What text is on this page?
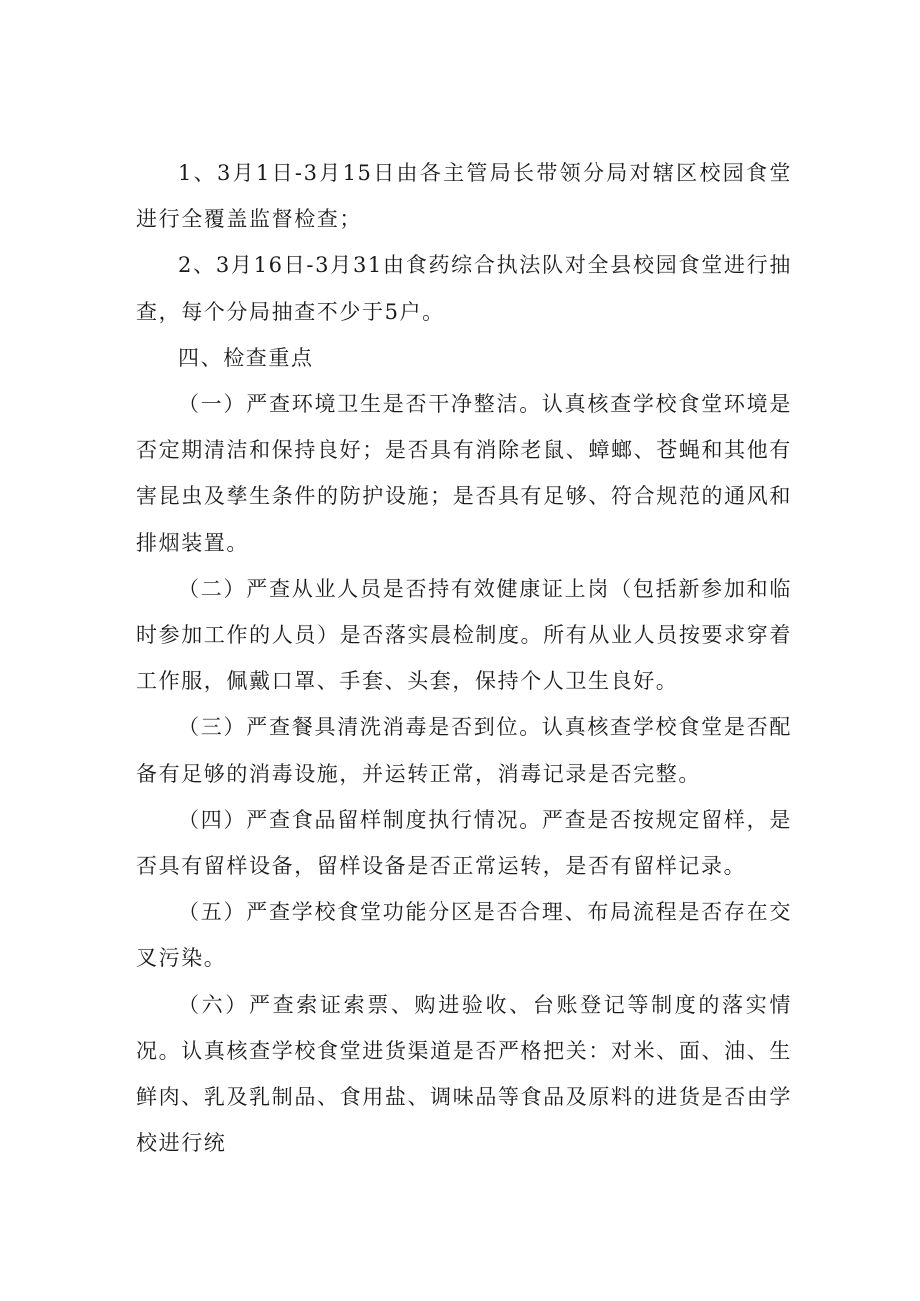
1、3月1日-3月15日由各主管局长带领分局对辖区校园食堂进行全覆盖监督检查；

2、3月16日-3月31由食药综合执法队对全县校园食堂进行抽查，每个分局抽查不少于5户。

四、检查重点

（一）严查环境卫生是否干净整洁。认真核查学校食堂环境是否定期清洁和保持良好；是否具有消除老鼠、蟑螂、苍蝇和其他有害昆虫及孳生条件的防护设施；是否具有足够、符合规范的通风和排烟装置。

（二）严查从业人员是否持有效健康证上岗（包括新参加和临时参加工作的人员）是否落实晨检制度。所有从业人员按要求穿着工作服，佩戴口罩、手套、头套，保持个人卫生良好。

（三）严查餐具清洗消毒是否到位。认真核查学校食堂是否配备有足够的消毒设施，并运转正常，消毒记录是否完整。

（四）严查食品留样制度执行情况。严查是否按规定留样，是否具有留样设备，留样设备是否正常运转，是否有留样记录。

（五）严查学校食堂功能分区是否合理、布局流程是否存在交叉污染。

（六）严查索证索票、购进验收、台账登记等制度的落实情况。认真核查学校食堂进货渠道是否严格把关：对米、面、油、生鲜肉、乳及乳制品、食用盐、调味品等食品及原料的进货是否由学校进行统
